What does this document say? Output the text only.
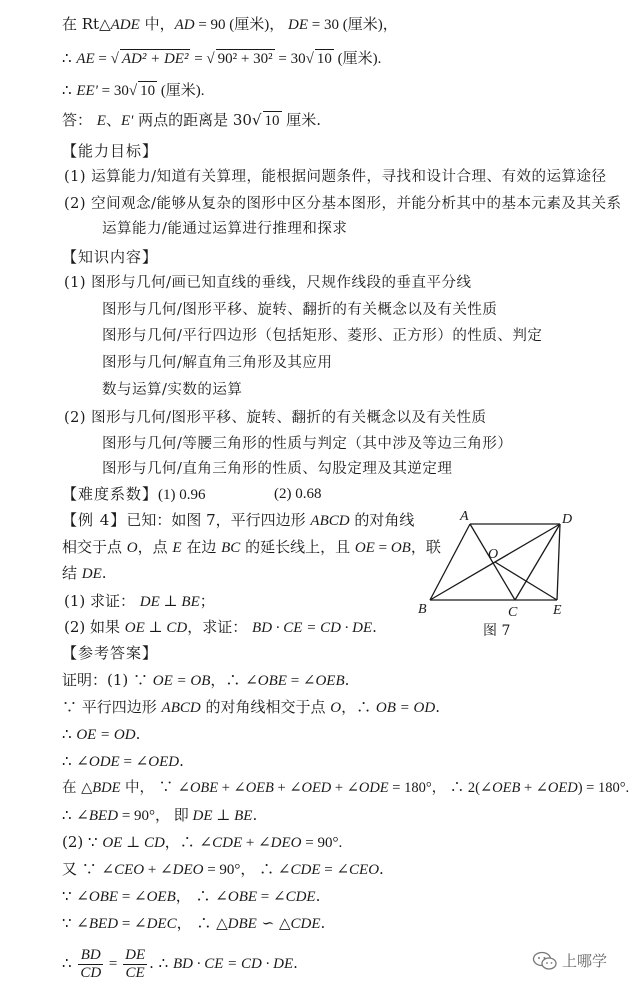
在 Rt△ADE 中，AD = 90 (厘米)， DE = 30 (厘米)，
∴ AE = √ AD² + DE² = √ 90² + 30² = 30√ 10 (厘米).
∴ EE' = 30√ 10 (厘米).
答： E、E' 两点的距离是 30√ 10 厘米.
【能力目标】
(1) 运算能力/知道有关算理，能根据问题条件，寻找和设计合理、有效的运算途径
(2) 空间观念/能够从复杂的图形中区分基本图形，并能分析其中的基本元素及其关系
运算能力/能通过运算进行推理和探求
【知识内容】
(1) 图形与几何/画已知直线的垂线，尺规作线段的垂直平分线
图形与几何/图形平移、旋转、翻折的有关概念以及有关性质
图形与几何/平行四边形（包括矩形、菱形、正方形）的性质、判定
图形与几何/解直角三角形及其应用
数与运算/实数的运算
(2) 图形与几何/图形平移、旋转、翻折的有关概念以及有关性质
图形与几何/等腰三角形的性质与判定（其中涉及等边三角形）
图形与几何/直角三角形的性质、勾股定理及其逆定理
【难度系数】(1) 0.96	(2) 0.68
【例 4】已知：如图 7，平行四边形 ABCD 的对角线
相交于点 O，点 E 在边 BC 的延长线上，且 OE = OB，联
结 DE.
(1) 求证： DE ⊥ BE；
(2) 如果 OE ⊥ CD，求证： BD · CE = CD · DE.
A	D
O
B	C	E
图 7
【参考答案】
证明：(1) ∵ OE = OB，∴ ∠OBE = ∠OEB.
∵ 平行四边形 ABCD 的对角线相交于点 O，∴ OB = OD.
∴ OE = OD.
∴ ∠ODE = ∠OED.
在 △BDE 中， ∵ ∠OBE + ∠OEB + ∠OED + ∠ODE = 180°， ∴ 2(∠OEB + ∠OED) = 180°.
∴ ∠BED = 90°， 即 DE ⊥ BE.
(2) ∵ OE ⊥ CD，∴ ∠CDE + ∠DEO = 90°.
又 ∵ ∠CEO + ∠DEO = 90°， ∴ ∠CDE = ∠CEO.
∵ ∠OBE = ∠OEB， ∴ ∠OBE = ∠CDE.
∵ ∠BED = ∠DEC， ∴ △DBE ∽ △CDE.
∴ $\frac{BD}{CD} = \frac{DE}{CE}$ . ∴ BD · CE = CD · DE.	上哪学
